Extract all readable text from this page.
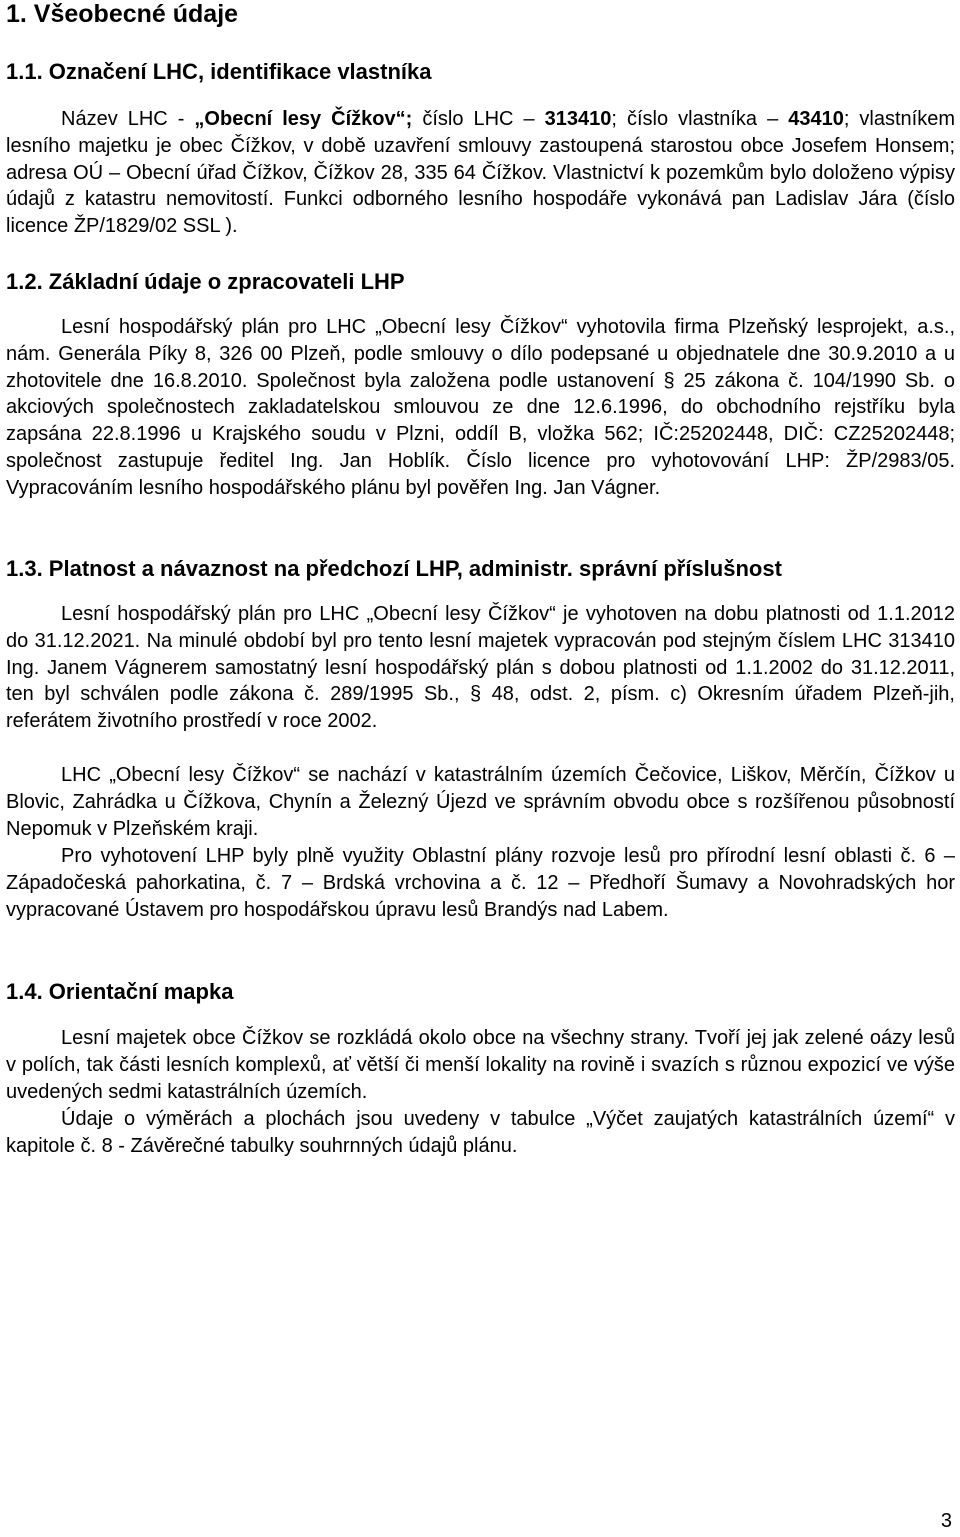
1. Všeobecné údaje
1.1. Označení LHC, identifikace vlastníka

Název LHC - „Obecní lesy Čížkov“; číslo LHC – 313410; číslo vlastníka – 43410; vlastníkem lesního majetku je obec Čížkov, v době uzavření smlouvy zastoupená starostou obce Josefem Honsem; adresa OÚ – Obecní úřad Čížkov, Čížkov 28, 335 64 Čížkov. Vlastnictví k pozemkům bylo doloženo výpisy údajů z katastru nemovitostí. Funkci odborného lesního hospodáře vykonává pan Ladislav Jára (číslo licence ŽP/1829/02 SSL ).

1.2. Základní údaje o zpracovateli LHP

Lesní hospodářský plán pro LHC „Obecní lesy Čížkov“ vyhotovila firma Plzeňský lesprojekt, a.s., nám. Generála Píky 8, 326 00 Plzeň, podle smlouvy o dílo podepsané u objednatele dne 30.9.2010 a u zhotovitele dne 16.8.2010. Společnost byla založena podle ustanovení § 25 zákona č. 104/1990 Sb. o akciových společnostech zakladatelskou smlouvou ze dne 12.6.1996, do obchodního rejstříku byla zapsána 22.8.1996 u Krajského soudu v Plzni, oddíl B, vložka 562; IČ:25202448, DIČ: CZ25202448; společnost zastupuje ředitel Ing. Jan Hoblík. Číslo licence pro vyhotovování LHP: ŽP/2983/05. Vypracováním lesního hospodářského plánu byl pověřen Ing. Jan Vágner.

1.3. Platnost a návaznost na předchozí LHP, administr. správní příslušnost

Lesní hospodářský plán pro LHC „Obecní lesy Čížkov“ je vyhotoven na dobu platnosti od 1.1.2012 do 31.12.2021. Na minulé období byl pro tento lesní majetek vypracován pod stejným číslem LHC 313410 Ing. Janem Vágnerem samostatný lesní hospodářský plán s dobou platnosti od 1.1.2002 do 31.12.2011, ten byl schválen podle zákona č. 289/1995 Sb., § 48, odst. 2, písm. c) Okresním úřadem Plzeň-jih, referátem životního prostředí v roce 2002.

LHC „Obecní lesy Čížkov“ se nachází v katastrálním územích Čečovice, Liškov, Měrčín, Čížkov u Blovic, Zahrádka u Čížkova, Chynín a Železný Újezd ve správním obvodu obce s rozšířenou působností Nepomuk v Plzeňském kraji.

Pro vyhotovení LHP byly plně využity Oblastní plány rozvoje lesů pro přírodní lesní oblasti č. 6 – Západočeská pahorkatina, č. 7 – Brdská vrchovina a č. 12 – Předhoří Šumavy a Novohradských hor vypracované Ústavem pro hospodářskou úpravu lesů Brandýs nad Labem.

1.4. Orientační mapka

Lesní majetek obce Čížkov se rozkládá okolo obce na všechny strany. Tvoří jej jak zelené oázy lesů v polích, tak části lesních komplexů, ať větší či menší lokality na rovině i svazích s různou expozicí ve výše uvedených sedmi katastrálních územích.

Údaje o výměrách a plochách jsou uvedeny v tabulce „Výčet zaujatých katastrálních území“ v kapitole č. 8 - Závěrečné tabulky souhrnných údajů plánu.

3
